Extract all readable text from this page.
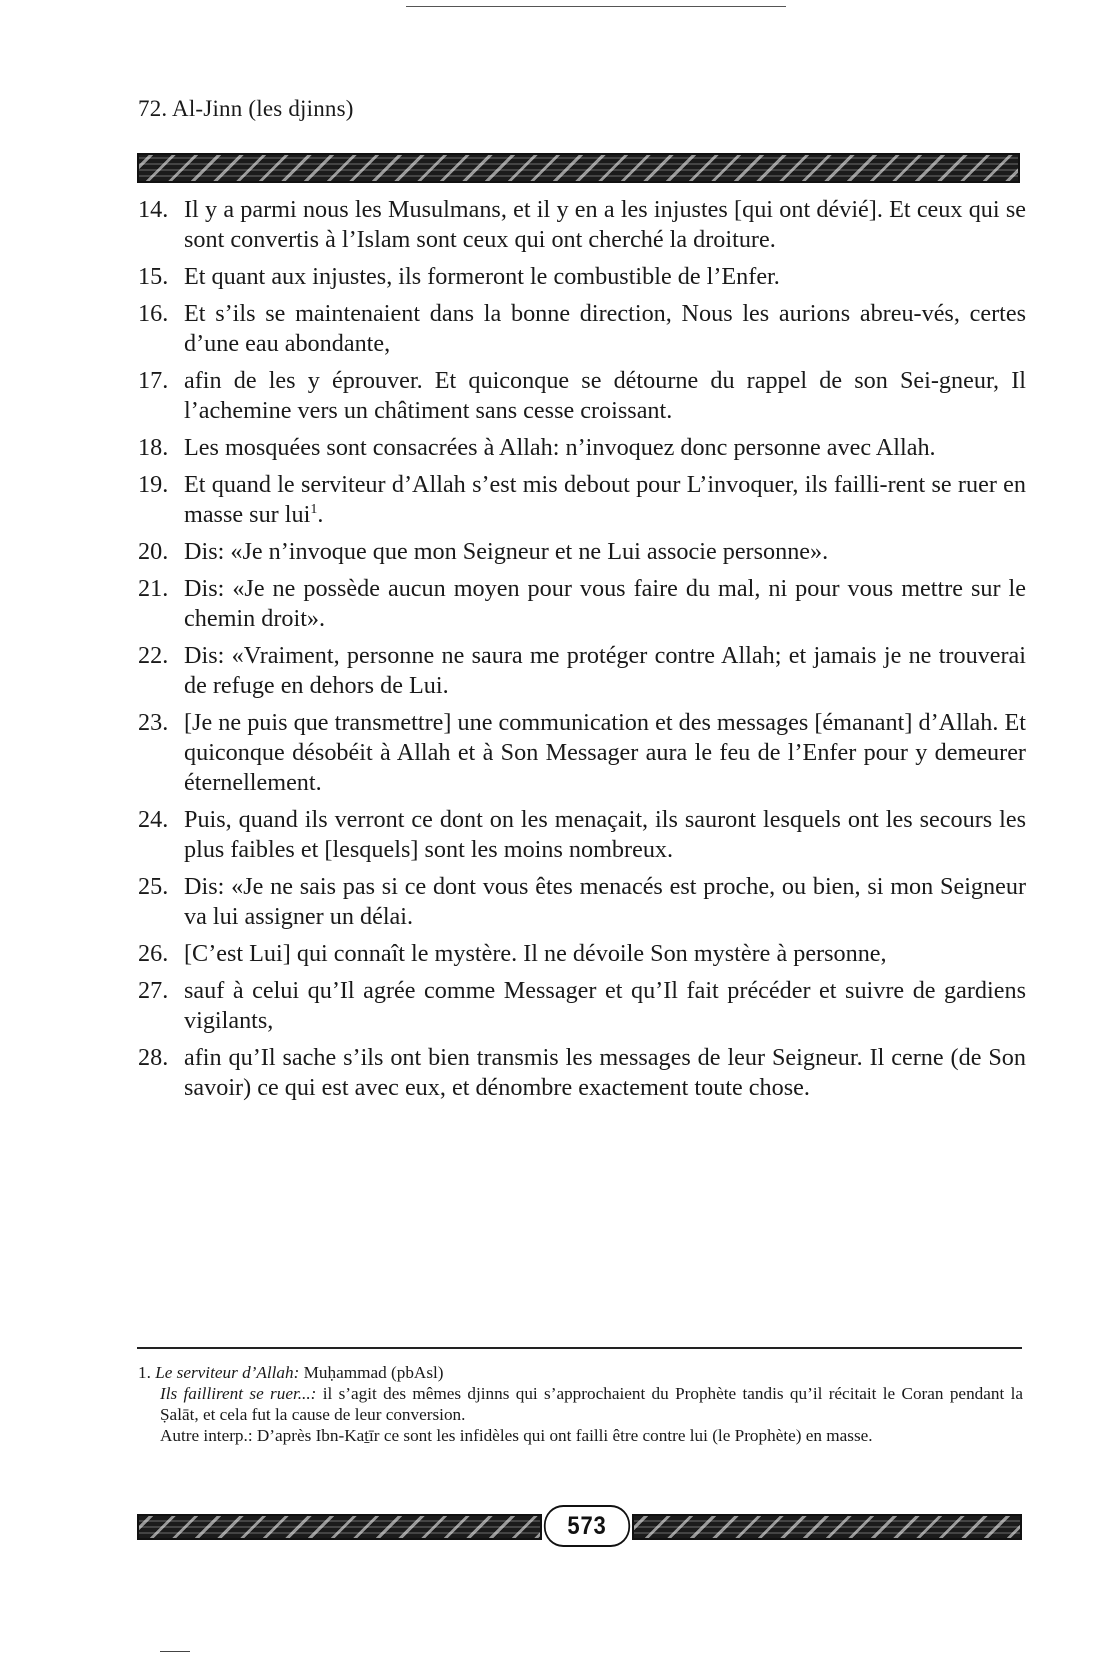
72. Al-Jinn (les djinns)
14. Il y a parmi nous les Musulmans, et il y en a les injustes [qui ont dévié]. Et ceux qui se sont convertis à l’Islam sont ceux qui ont cherché la droiture.
15. Et quant aux injustes, ils formeront le combustible de l’Enfer.
16. Et s’ils se maintenaient dans la bonne direction, Nous les aurions abreu-vés, certes d’une eau abondante,
17. afin de les y éprouver. Et quiconque se détourne du rappel de son Sei-gneur, Il l’achemine vers un châtiment sans cesse croissant.
18. Les mosquées sont consacrées à Allah: n’invoquez donc personne avec Allah.
19. Et quand le serviteur d’Allah s’est mis debout pour L’invoquer, ils failli-rent se ruer en masse sur lui$^1$.
20. Dis: «Je n’invoque que mon Seigneur et ne Lui associe personne».
21. Dis: «Je ne possède aucun moyen pour vous faire du mal, ni pour vous mettre sur le chemin droit».
22. Dis: «Vraiment, personne ne saura me protéger contre Allah; et jamais je ne trouverai de refuge en dehors de Lui.
23. [Je ne puis que transmettre] une communication et des messages [émanant] d’Allah. Et quiconque désobéit à Allah et à Son Messager aura le feu de l’Enfer pour y demeurer éternellement.
24. Puis, quand ils verront ce dont on les menaçait, ils sauront lesquels ont les secours les plus faibles et [lesquels] sont les moins nombreux.
25. Dis: «Je ne sais pas si ce dont vous êtes menacés est proche, ou bien, si mon Seigneur va lui assigner un délai.
26. [C’est Lui] qui connaît le mystère. Il ne dévoile Son mystère à personne,
27. sauf à celui qu’Il agrée comme Messager et qu’Il fait précéder et suivre de gardiens vigilants,
28. afin qu’Il sache s’ils ont bien transmis les messages de leur Seigneur. Il cerne (de Son savoir) ce qui est avec eux, et dénombre exactement toute chose.

1. Le serviteur d’Allah: Muḥammad (pbAsl)

Ils faillirent se ruer...: il s’agit des mêmes djinns qui s’approchaient du Prophète tandis qu’il récitait le Coran pendant la Ṣalāt, et cela fut la cause de leur conversion.

Autre interp.: D’après Ibn-Kaṯīr ce sont les infidèles qui ont failli être contre lui (le Prophète) en masse.

573
